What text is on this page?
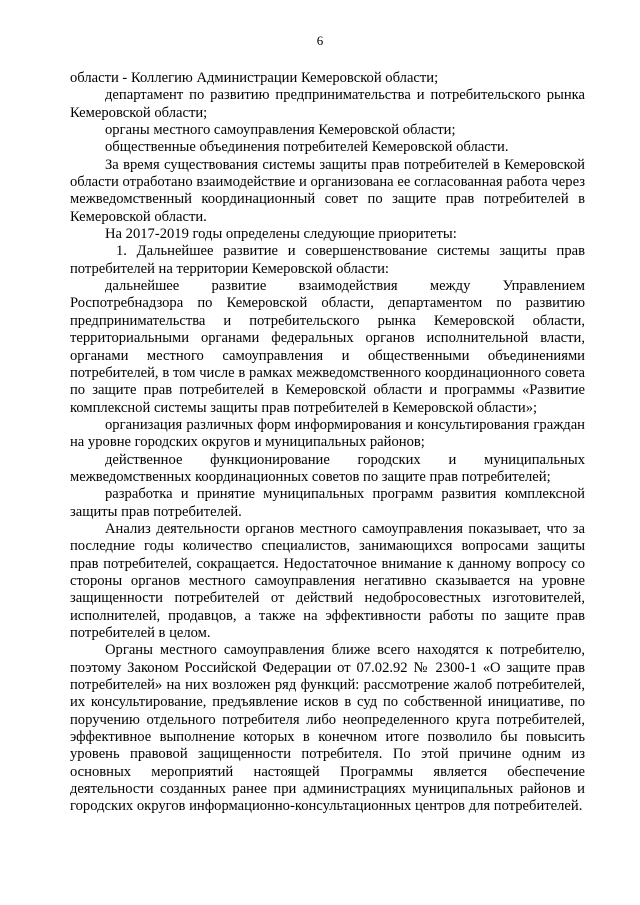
6

области - Коллегию Администрации Кемеровской области;

департамент по развитию предпринимательства и потребительского рынка Кемеровской области;

органы местного самоуправления Кемеровской области;

общественные объединения потребителей Кемеровской области.

За время существования системы защиты прав потребителей в Кемеровской области отработано взаимодействие и организована ее согласованная работа через межведомственный координационный совет по защите прав потребителей в Кемеровской области.

На 2017-2019 годы определены следующие приоритеты:

1. Дальнейшее развитие и совершенствование системы защиты прав потребителей на территории Кемеровской области:

дальнейшее развитие взаимодействия между Управлением Роспотребнадзора по Кемеровской области, департаментом по развитию предпринимательства и потребительского рынка Кемеровской области, территориальными органами федеральных органов исполнительной власти, органами местного самоуправления и общественными объединениями потребителей, в том числе в рамках межведомственного координационного совета по защите прав потребителей в Кемеровской области и программы «Развитие комплексной системы защиты прав потребителей в Кемеровской области»;

организация различных форм информирования и консультирования граждан на уровне городских округов и муниципальных районов;

действенное функционирование городских и муниципальных межведомственных координационных советов по защите прав потребителей;

разработка и принятие муниципальных программ развития комплексной защиты прав потребителей.

Анализ деятельности органов местного самоуправления показывает, что за последние годы количество специалистов, занимающихся вопросами защиты прав потребителей, сокращается. Недостаточное внимание к данному вопросу со стороны органов местного самоуправления негативно сказывается на уровне защищенности потребителей от действий недобросовестных изготовителей, исполнителей, продавцов, а также на эффективности работы по защите прав потребителей в целом.

Органы местного самоуправления ближе всего находятся к потребителю, поэтому Законом Российской Федерации от 07.02.92 № 2300-1 «О защите прав потребителей» на них возложен ряд функций: рассмотрение жалоб потребителей, их консультирование, предъявление исков в суд по собственной инициативе, по поручению отдельного потребителя либо неопределенного круга потребителей, эффективное выполнение которых в конечном итоге позволило бы повысить уровень правовой защищенности потребителя. По этой причине одним из основных мероприятий настоящей Программы является обеспечение деятельности созданных ранее при администрациях муниципальных районов и городских округов информационно-консультационных центров для потребителей.
